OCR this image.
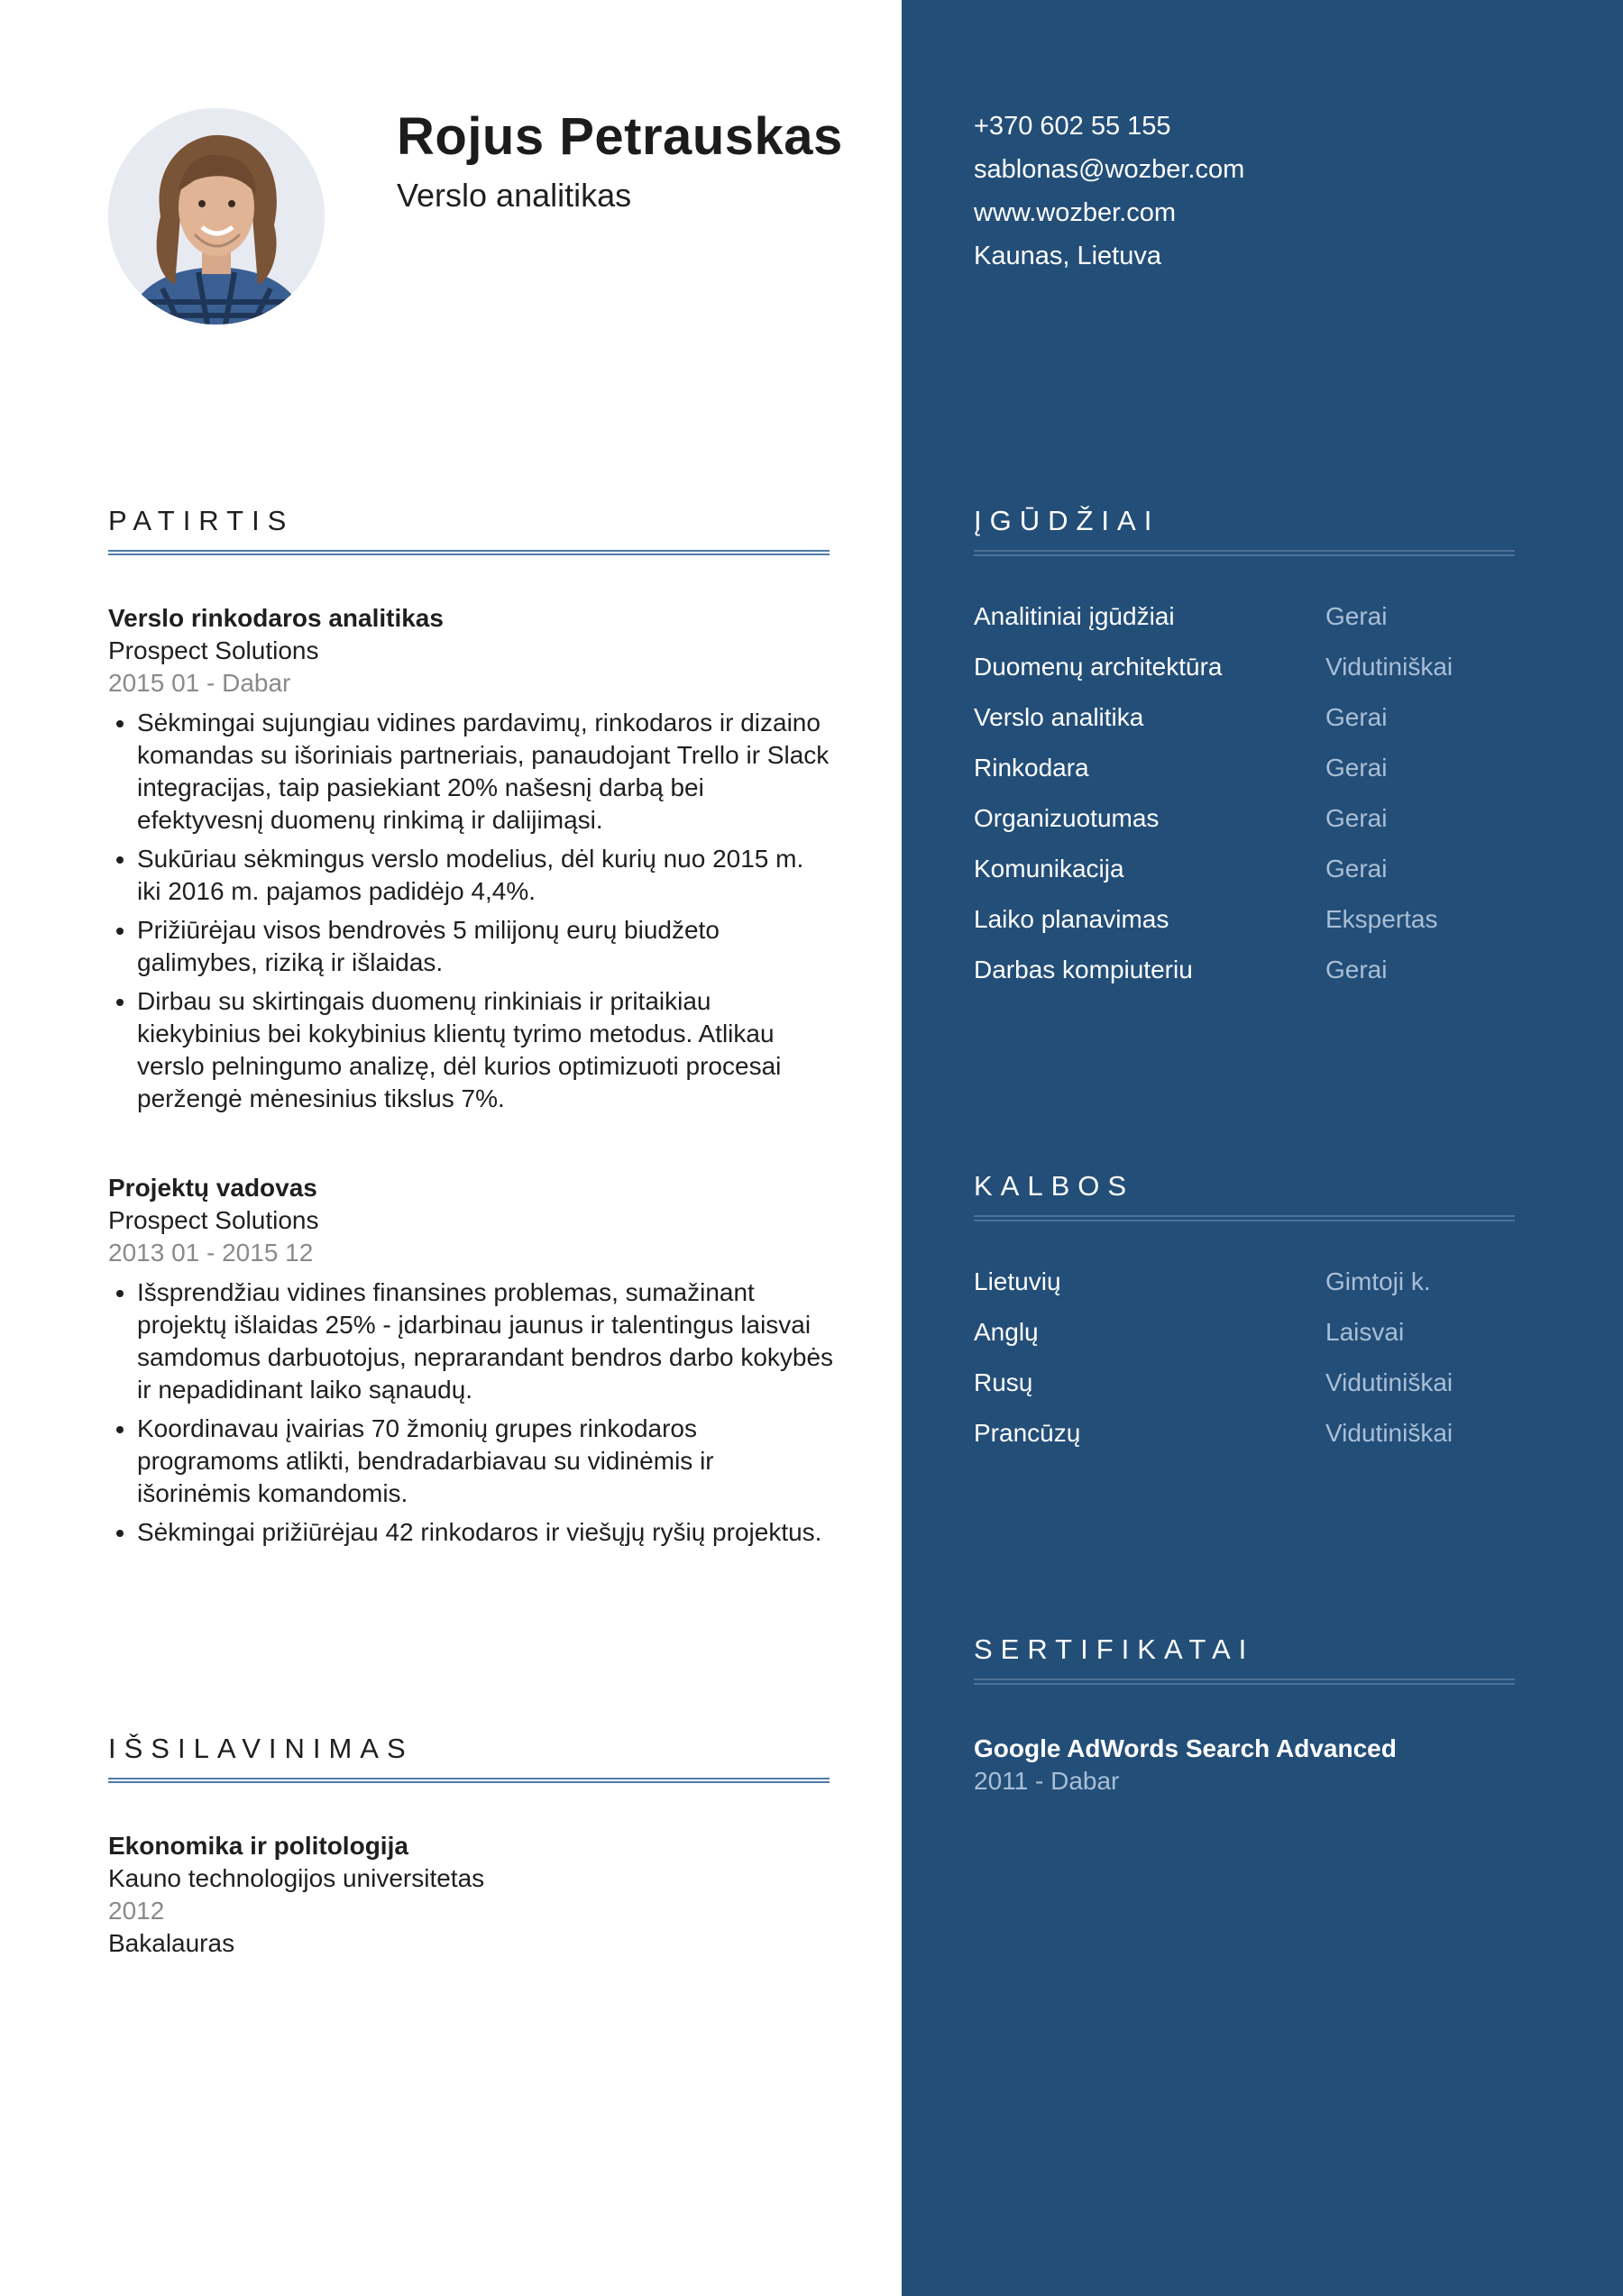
Rojus Petrauskas
Verslo analitikas
+370 602 55 155
sablonas@wozber.com
www.wozber.com
Kaunas, Lietuva
PATIRTIS
Verslo rinkodaros analitikas
Prospect Solutions
2015 01 - Dabar
• Sėkmingai sujungiau vidines pardavimų, rinkodaros ir dizaino komandas su išoriniais partneriais, panaudojant Trello ir Slack integracijas, taip pasiekiant 20% našesnį darbą bei efektyvesnį duomenų rinkimą ir dalijimąsi.
• Sukūriau sėkmingus verslo modelius, dėl kurių nuo 2015 m. iki 2016 m. pajamos padidėjo 4,4%.
• Prižiūrėjau visos bendrovės 5 milijonų eurų biudžeto galimybes, riziką ir išlaidas.
• Dirbau su skirtingais duomenų rinkiniais ir pritaikiau kiekybinius bei kokybinius klientų tyrimo metodus. Atlikau verslo pelningumo analizę, dėl kurios optimizuoti procesai peržengė mėnesinius tikslus 7%.
Projektų vadovas
Prospect Solutions
2013 01 - 2015 12
• Išsprendžiau vidines finansines problemas, sumažinant projektų išlaidas 25% - įdarbinau jaunus ir talentingus laisvai samdomus darbuotojus, neprarandant bendros darbo kokybės ir nepadidinant laiko sąnaudų.
• Koordinavau įvairias 70 žmonių grupes rinkodaros programoms atlikti, bendradarbiavau su vidinėmis ir išorinėmis komandomis.
• Sėkmingai prižiūrėjau 42 rinkodaros ir viešųjų ryšių projektus.
IŠSILAVINIMAS
Ekonomika ir politologija
Kauno technologijos universitetas
2012
Bakalauras
ĮGŪDŽIAI
Analitiniai įgūdžiai	Gerai
Duomenų architektūra	Vidutiniškai
Verslo analitika	Gerai
Rinkodara	Gerai
Organizuotumas	Gerai
Komunikacija	Gerai
Laiko planavimas	Ekspertas
Darbas kompiuteriu	Gerai
KALBOS
Lietuvių	Gimtoji k.
Anglų	Laisvai
Rusų	Vidutiniškai
Prancūzų	Vidutiniškai
SERTIFIKATAI
Google AdWords Search Advanced
2011 - Dabar
